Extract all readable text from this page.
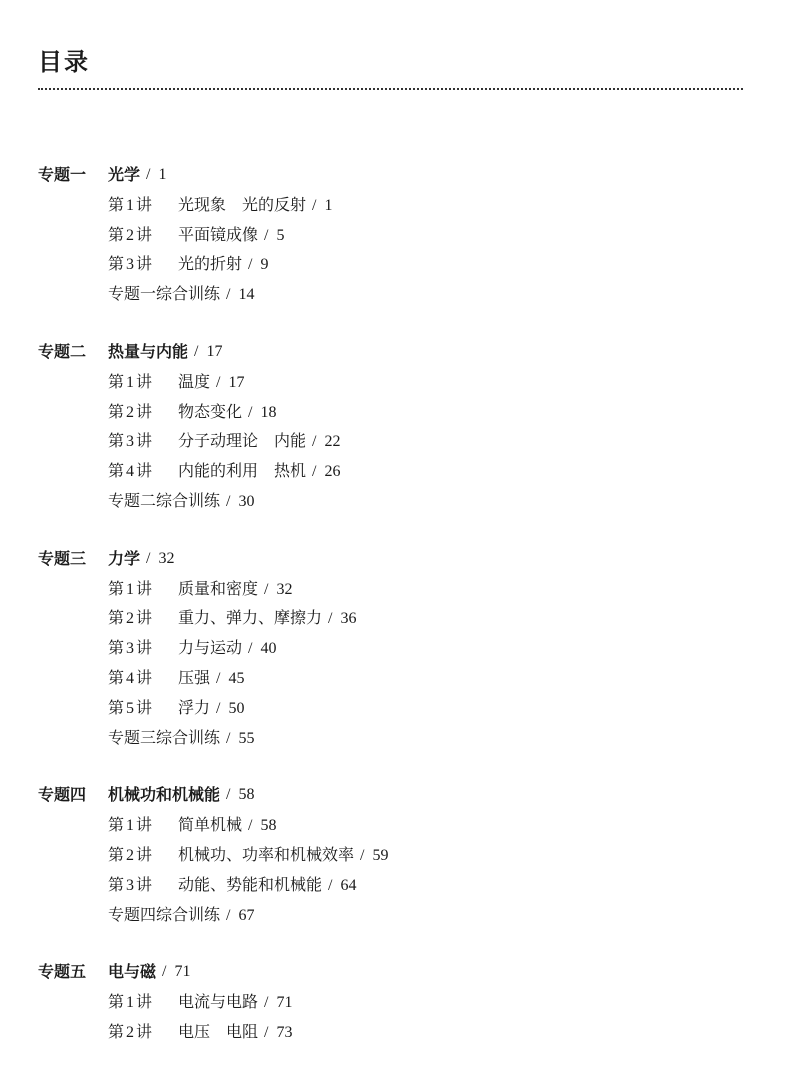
目录
专题一	光学 / 1
第 1 讲 光现象　光的反射 / 1
第 2 讲 平面镜成像 / 5
第 3 讲 光的折射 / 9
专题一综合训练 / 14
专题二	热量与内能 / 17
第 1 讲 温度 / 17
第 2 讲 物态变化 / 18
第 3 讲 分子动理论　内能 / 22
第 4 讲 内能的利用　热机 / 26
专题二综合训练 / 30
专题三	力学 / 32
第 1 讲 质量和密度 / 32
第 2 讲 重力、弹力、摩擦力 / 36
第 3 讲 力与运动 / 40
第 4 讲 压强 / 45
第 5 讲 浮力 / 50
专题三综合训练 / 55
专题四	机械功和机械能 / 58
第 1 讲 简单机械 / 58
第 2 讲 机械功、功率和机械效率 / 59
第 3 讲 动能、势能和机械能 / 64
专题四综合训练 / 67
专题五	电与磁 / 71
第 1 讲 电流与电路 / 71
第 2 讲 电压　电阻 / 73
